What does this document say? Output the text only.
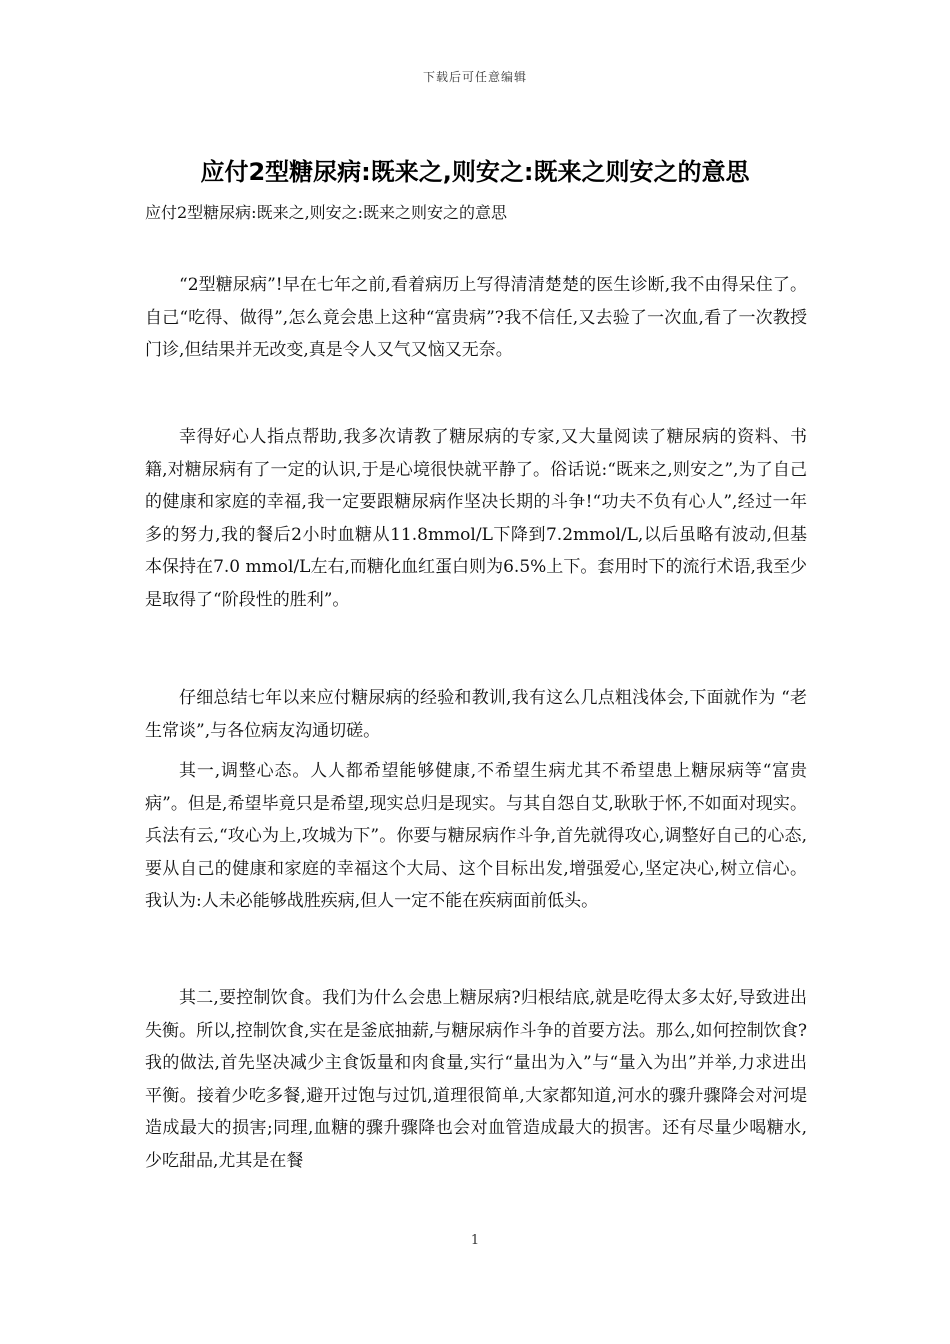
下载后可任意编辑
应付2型糖尿病:既来之,则安之:既来之则安之的意思

应付2型糖尿病:既来之,则安之:既来之则安之的意思

“2型糖尿病”!早在七年之前,看着病历上写得清清楚楚的医生诊断,我不由得呆住了。自己“吃得、做得”,怎么竟会患上这种“富贵病”?我不信任,又去验了一次血,看了一次教授门诊,但结果并无改变,真是令人又气又恼又无奈。

幸得好心人指点帮助,我多次请教了糖尿病的专家,又大量阅读了糖尿病的资料、书籍,对糖尿病有了一定的认识,于是心境很快就平静了。俗话说:“既来之,则安之”,为了自己的健康和家庭的幸福,我一定要跟糖尿病作坚决长期的斗争!“功夫不负有心人”,经过一年多的努力,我的餐后2小时血糖从11.8mmol/L下降到7.2mmol/L,以后虽略有波动,但基本保持在7.0 mmol/L左右,而糖化血红蛋白则为6.5%上下。套用时下的流行术语,我至少是取得了“阶段性的胜利”。

仔细总结七年以来应付糖尿病的经验和教训,我有这么几点粗浅体会,下面就作为 “老生常谈”,与各位病友沟通切磋。

其一,调整心态。人人都希望能够健康,不希望生病尤其不希望患上糖尿病等“富贵病”。但是,希望毕竟只是希望,现实总归是现实。与其自怨自艾,耿耿于怀,不如面对现实。兵法有云,“攻心为上,攻城为下”。你要与糖尿病作斗争,首先就得攻心,调整好自己的心态,要从自己的健康和家庭的幸福这个大局、这个目标出发,增强爱心,坚定决心,树立信心。我认为:人未必能够战胜疾病,但人一定不能在疾病面前低头。

其二,要控制饮食。我们为什么会患上糖尿病?归根结底,就是吃得太多太好,导致进出失衡。所以,控制饮食,实在是釜底抽薪,与糖尿病作斗争的首要方法。那么,如何控制饮食?我的做法,首先坚决减少主食饭量和肉食量,实行“量出为入”与“量入为出”并举,力求进出平衡。接着少吃多餐,避开过饱与过饥,道理很简单,大家都知道,河水的骤升骤降会对河堤造成最大的损害;同理,血糖的骤升骤降也会对血管造成最大的损害。还有尽量少喝糖水,少吃甜品,尤其是在餐

1
